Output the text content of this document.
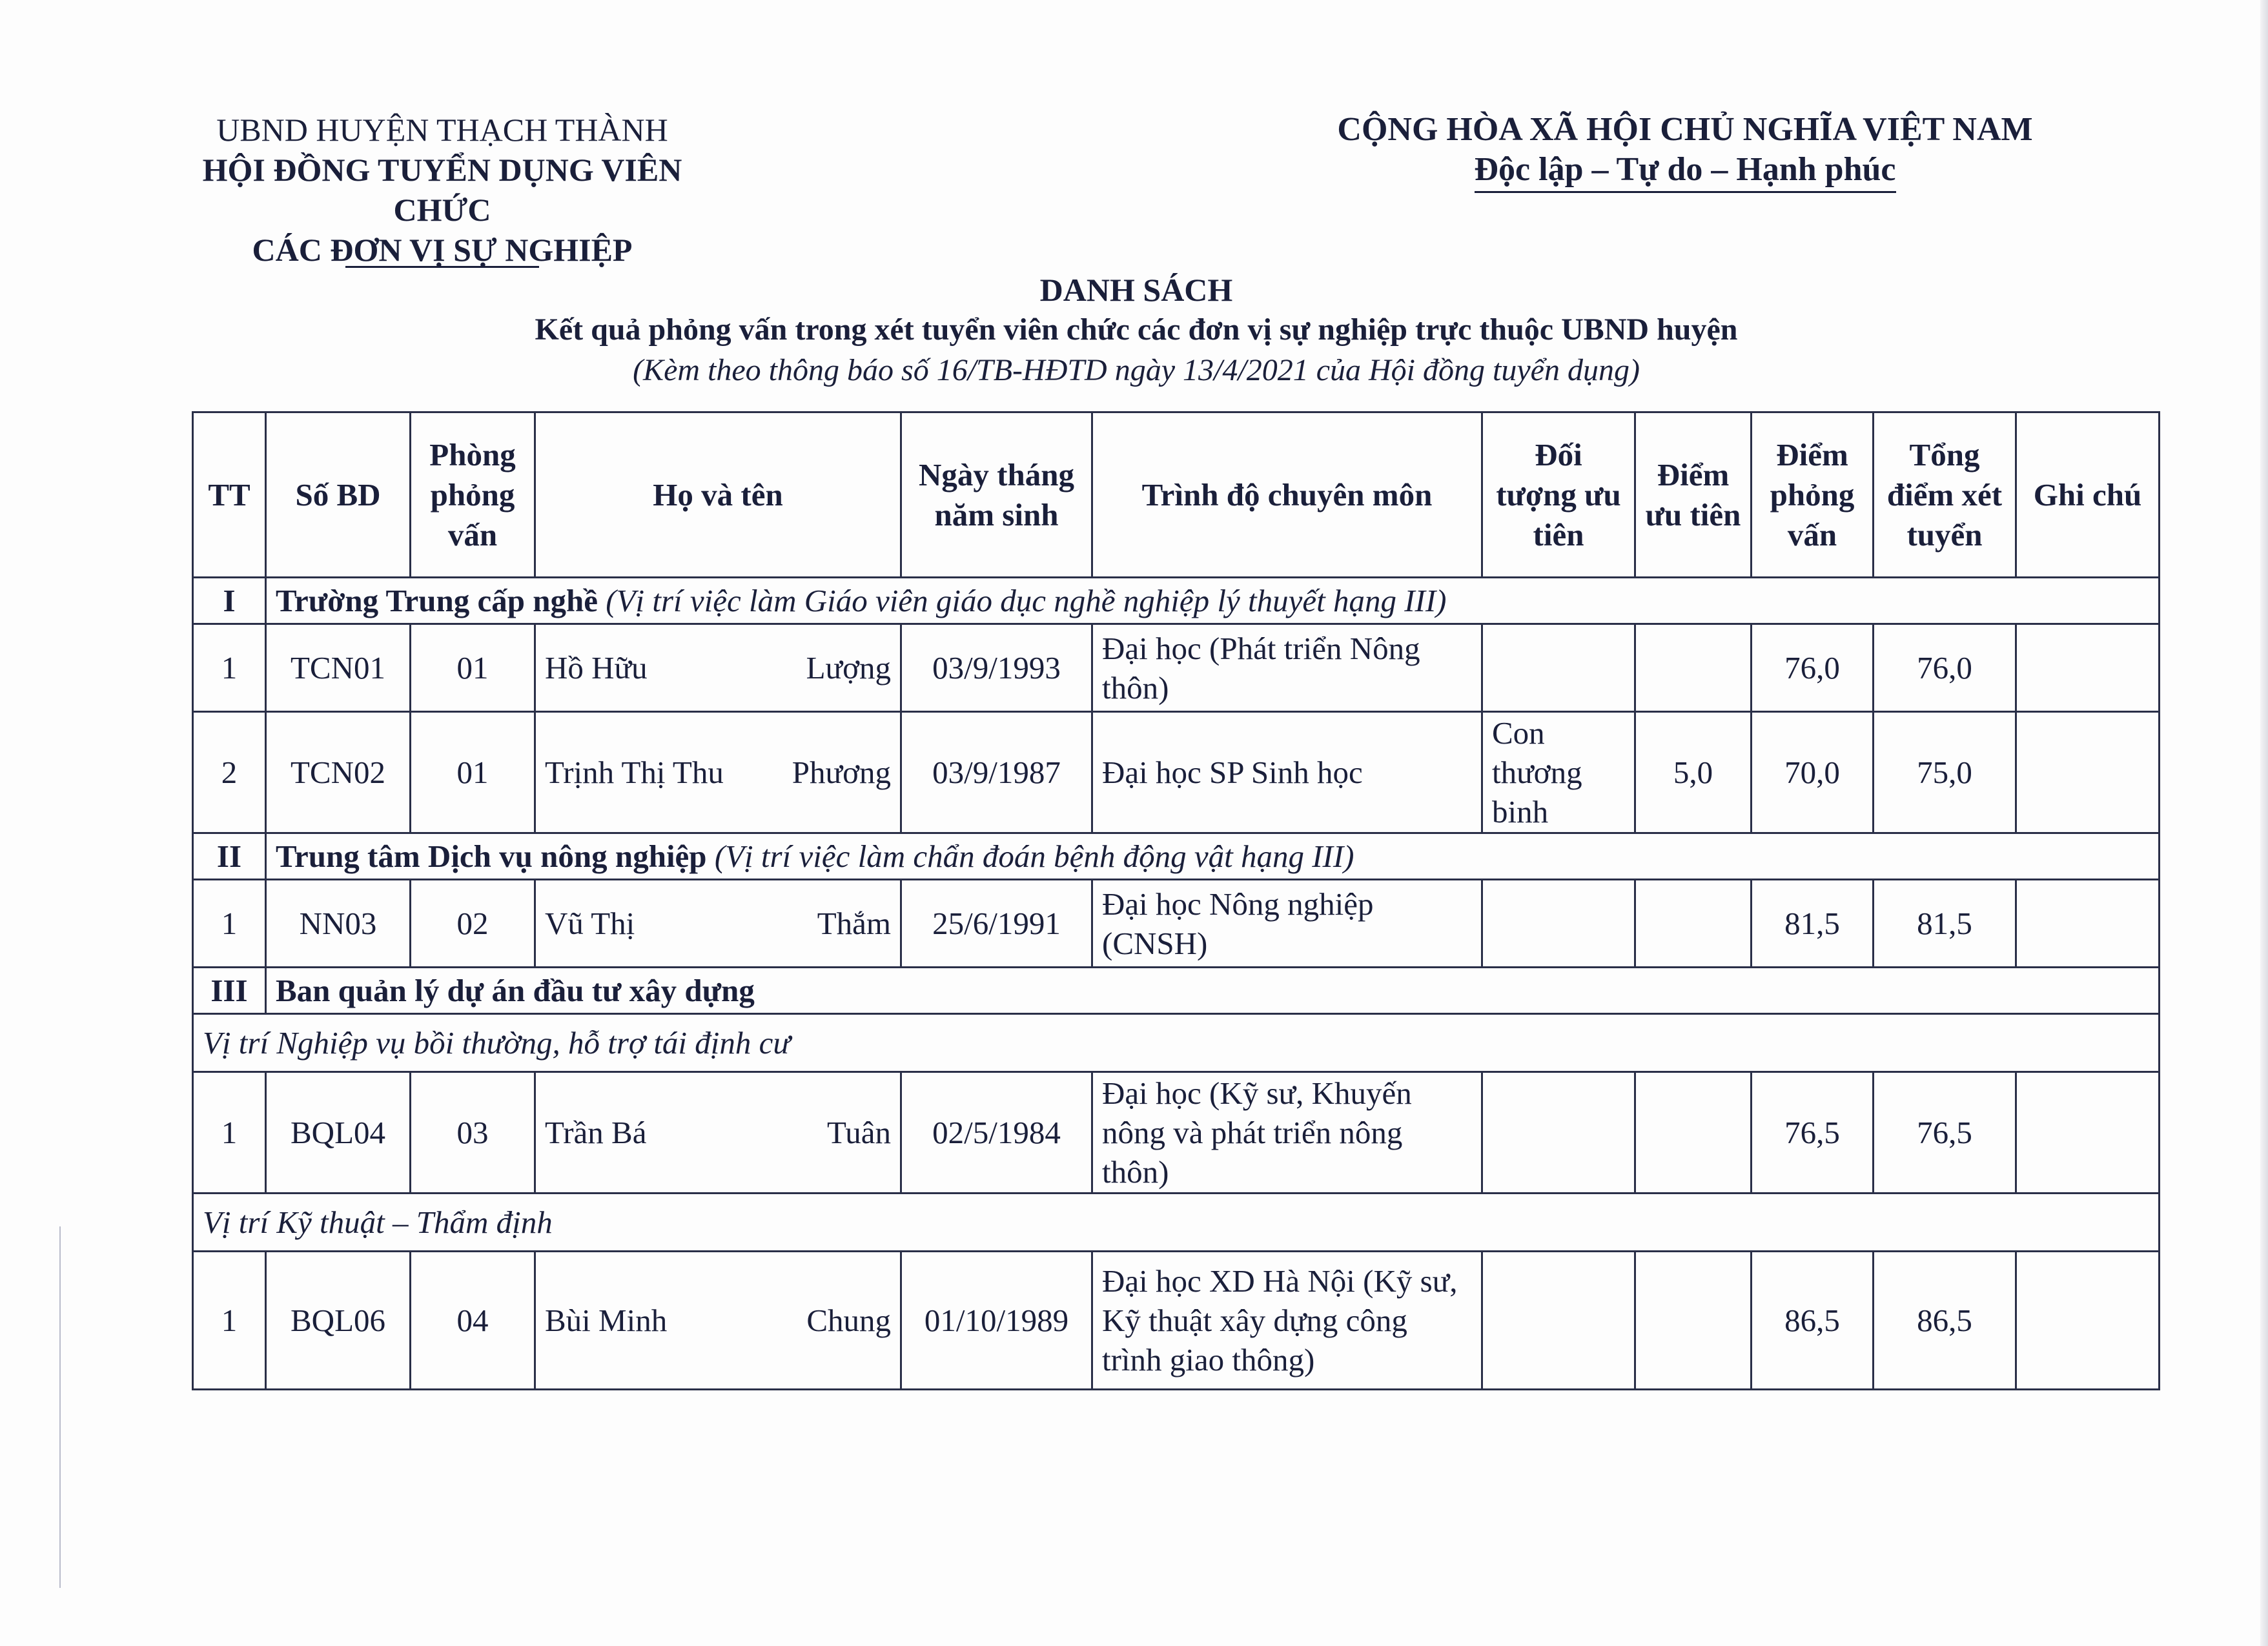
UBND HUYỆN THẠCH THÀNH
HỘI ĐỒNG TUYỂN DỤNG VIÊN CHỨC
CÁC ĐƠN VỊ SỰ NGHIỆP
CỘNG HÒA XÃ HỘI CHỦ NGHĨA VIỆT NAM
Độc lập – Tự do – Hạnh phúc
DANH SÁCH
Kết quả phỏng vấn trong xét tuyển viên chức các đơn vị sự nghiệp trực thuộc UBND huyện
(Kèm theo thông báo số 16/TB-HĐTD ngày 13/4/2021 của Hội đồng tuyển dụng)
TT	Số BD	Phòng phỏng vấn	Họ và tên	Ngày tháng năm sinh	Trình độ chuyên môn	Đối tượng ưu tiên	Điểm ưu tiên	Điểm phỏng vấn	Tổng điểm xét tuyển	Ghi chú
I	Trường Trung cấp nghề (Vị trí việc làm Giáo viên giáo dục nghề nghiệp lý thuyết hạng III)									
1	TCN01	01	Hồ Hữu Lượng	03/9/1993	Đại học (Phát triển Nông thôn)			76,0	76,0	
2	TCN02	01	Trịnh Thị Thu Phương	03/9/1987	Đại học SP Sinh học	Con thương binh	5,0	70,0	75,0	
II	Trung tâm Dịch vụ nông nghiệp (Vị trí việc làm chẩn đoán bệnh động vật hạng III)									
1	NN03	02	Vũ Thị Thắm	25/6/1991	Đại học Nông nghiệp (CNSH)			81,5	81,5	
III	Ban quản lý dự án đầu tư xây dựng									
Vị trí Nghiệp vụ bồi thường, hỗ trợ tái định cư										
1	BQL04	03	Trần Bá Tuân	02/5/1984	Đại học (Kỹ sư, Khuyến nông và phát triển nông thôn)			76,5	76,5	
Vị trí Kỹ thuật – Thẩm định										
1	BQL06	04	Bùi Minh Chung	01/10/1989	Đại học XD Hà Nội (Kỹ sư, Kỹ thuật xây dựng công trình giao thông)			86,5	86,5	
